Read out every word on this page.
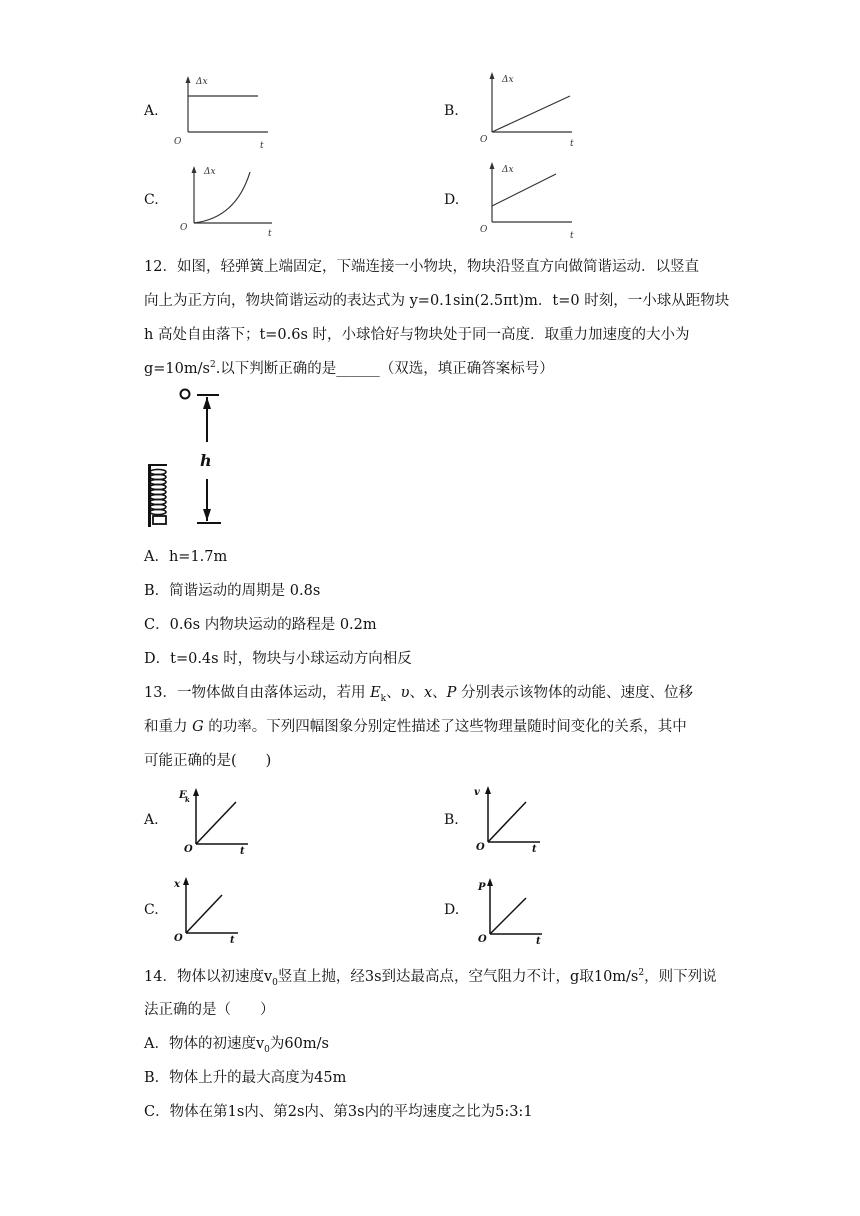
A.
Δx
t
O
B.
Δx
t
O
C.
Δx
t
O
D.
Δx
t
O
12．如图，轻弹簧上端固定，下端连接一小物块，物块沿竖直方向做简谐运动．以竖直
向上为正方向，物块简谐运动的表达式为 y=0.1sin(2.5πt)m．t=0 时刻，一小球从距物块
h 高处自由落下；t=0.6s 时，小球恰好与物块处于同一高度．取重力加速度的大小为
$g=10m/s^2$.以下判断正确的是______（双选，填正确答案标号）
h
A．h=1.7m
B．简谐运动的周期是 0.8s
C．0.6s 内物块运动的路程是 0.2m
D．t=0.4s 时，物块与小球运动方向相反
13．一物体做自由落体运动，若用 $E_k$、υ、x、P 分别表示该物体的动能、速度、位移
和重力 G 的功率。下列四幅图象分别定性描述了这些物理量随时间变化的关系，其中
可能正确的是(　　)
A.
E
k
t
O
B.
v
t
O
C.
x
t
O
D.
P
t
O
14．物体以初速度$v_0$竖直上抛，经3s到达最高点，空气阻力不计，g取$10m/s^2$，则下列说
法正确的是（　　）
A．物体的初速度$v_0$为60m/s
B．物体上升的最大高度为45m
C．物体在第1s内、第2s内、第3s内的平均速度之比为5:3:1
